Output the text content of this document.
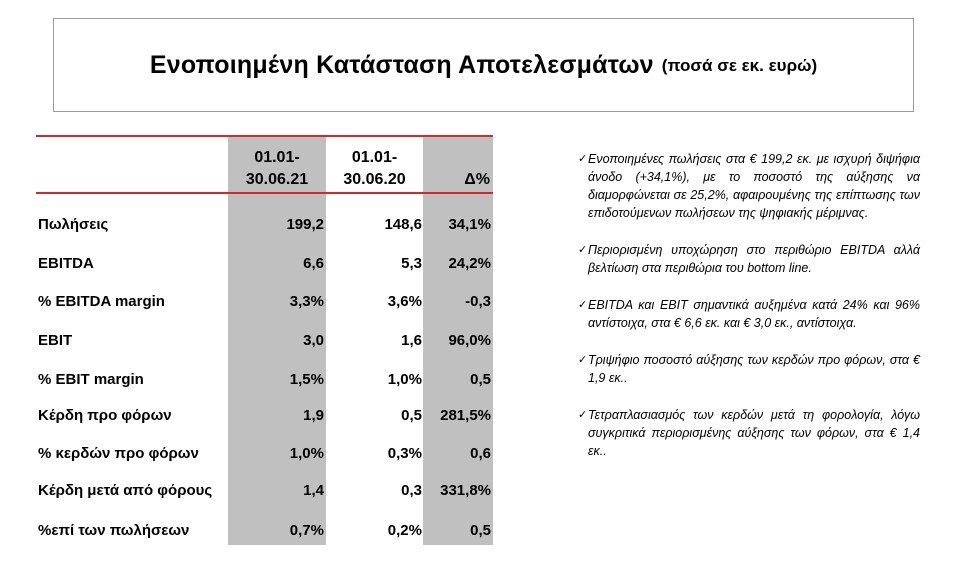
Ενοποιημένη Κατάσταση Αποτελεσμάτων (ποσά σε εκ. ευρώ)
01.01-
30.06.21
01.01-
30.06.20	Δ%
Πωλήσεις	199,2	148,6	34,1%
EBITDA	6,6	5,3	24,2%
% EBITDA margin	3,3%	3,6%	-0,3
EBIT	3,0	1,6	96,0%
% EBIT margin	1,5%	1,0%	0,5
Κέρδη προ φόρων	1,9	0,5	281,5%
% κερδών προ φόρων	1,0%	0,3%	0,6
Κέρδη μετά από φόρους	1,4	0,3	331,8%
%επί των πωλήσεων	0,7%	0,2%	0,5
✓ Ενοποιημένες πωλήσεις στα € 199,2 εκ. με ισχυρή διψήφια άνοδο (+34,1%), με το ποσοστό της αύξησης να διαμορφώνεται σε 25,2%, αφαιρουμένης της επίπτωσης των επιδοτούμενων πωλήσεων της ψηφιακής μέριμνας.
✓ Περιορισμένη υποχώρηση στο περιθώριο EBITDA αλλά βελτίωση στα περιθώρια του bottom line.
✓ EBITDA και EBIT σημαντικά αυξημένα κατά 24% και 96% αντίστοιχα, στα € 6,6 εκ. και € 3,0 εκ., αντίστοιχα.
✓ Τριψήφιο ποσοστό αύξησης των κερδών προ φόρων, στα € 1,9 εκ..
✓ Τετραπλασιασμός των κερδών μετά τη φορολογία, λόγω συγκριτικά περιορισμένης αύξησης των φόρων, στα € 1,4 εκ..
